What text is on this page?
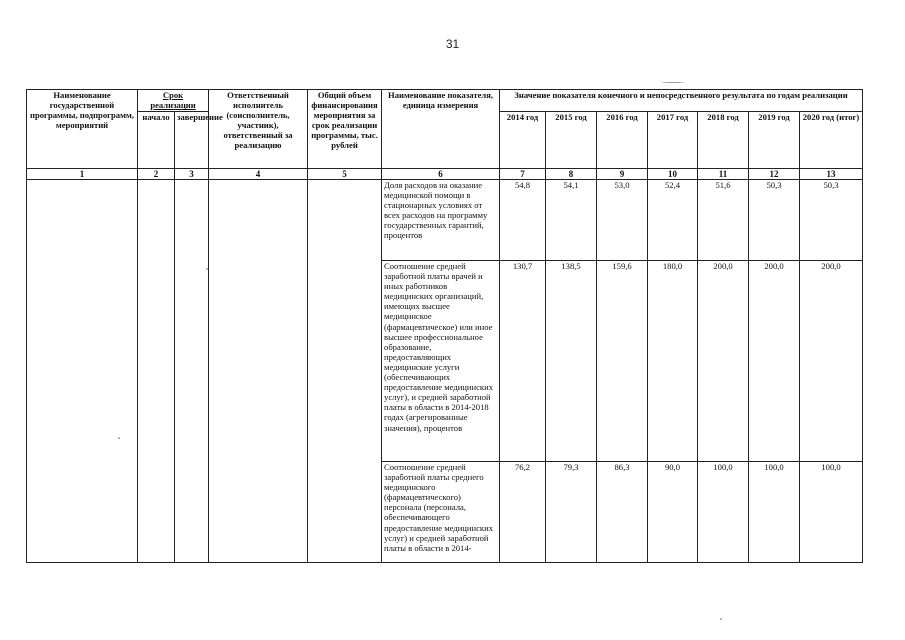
31
Наименование государственной программы, подпрограмм, мероприятий	Срок реализации		Ответственный исполнитель (соисполнитель, участник), ответственный за реализацию	Общий объем финансирования мероприятия за срок реализации программы, тыс. рублей	Наименование показателя, единица измерения	Значение показателя конечного и непосредственного результата по годам реализации						
	начало	завершение				2014 год	2015 год	2016 год	2017 год	2018 год	2019 год	2020 год (итог)
1	2	3	4	5	6	7	8	9	10	11	12	13
					Доля расходов на оказание медицинской помощи в стационарных условиях от всех расходов на программу государственных гарантий, процентов	54,8	54,1	53,0	52,4	51,6	50,3	50,3
					Соотношение средней заработной платы врачей и иных работников медицинских организаций, имеющих высшее медицинское (фармацевтическое) или иное высшее профессиональное образование, предоставляющих медицинские услуги (обеспечивающих предоставление медицинских услуг), и средней заработной платы в области в 2014-2018 годах (агрегированные значения), процентов	130,7	138,5	159,6	180,0	200,0	200,0	200,0

					Соотношение средней заработной платы среднего медицинского (фармацевтического) персонала (персонала, обеспечивающего предоставление медицинских услуг) и средней заработной платы в области в 2014-	76,2	79,3	86,3	90,0	100,0	100,0	100,0
